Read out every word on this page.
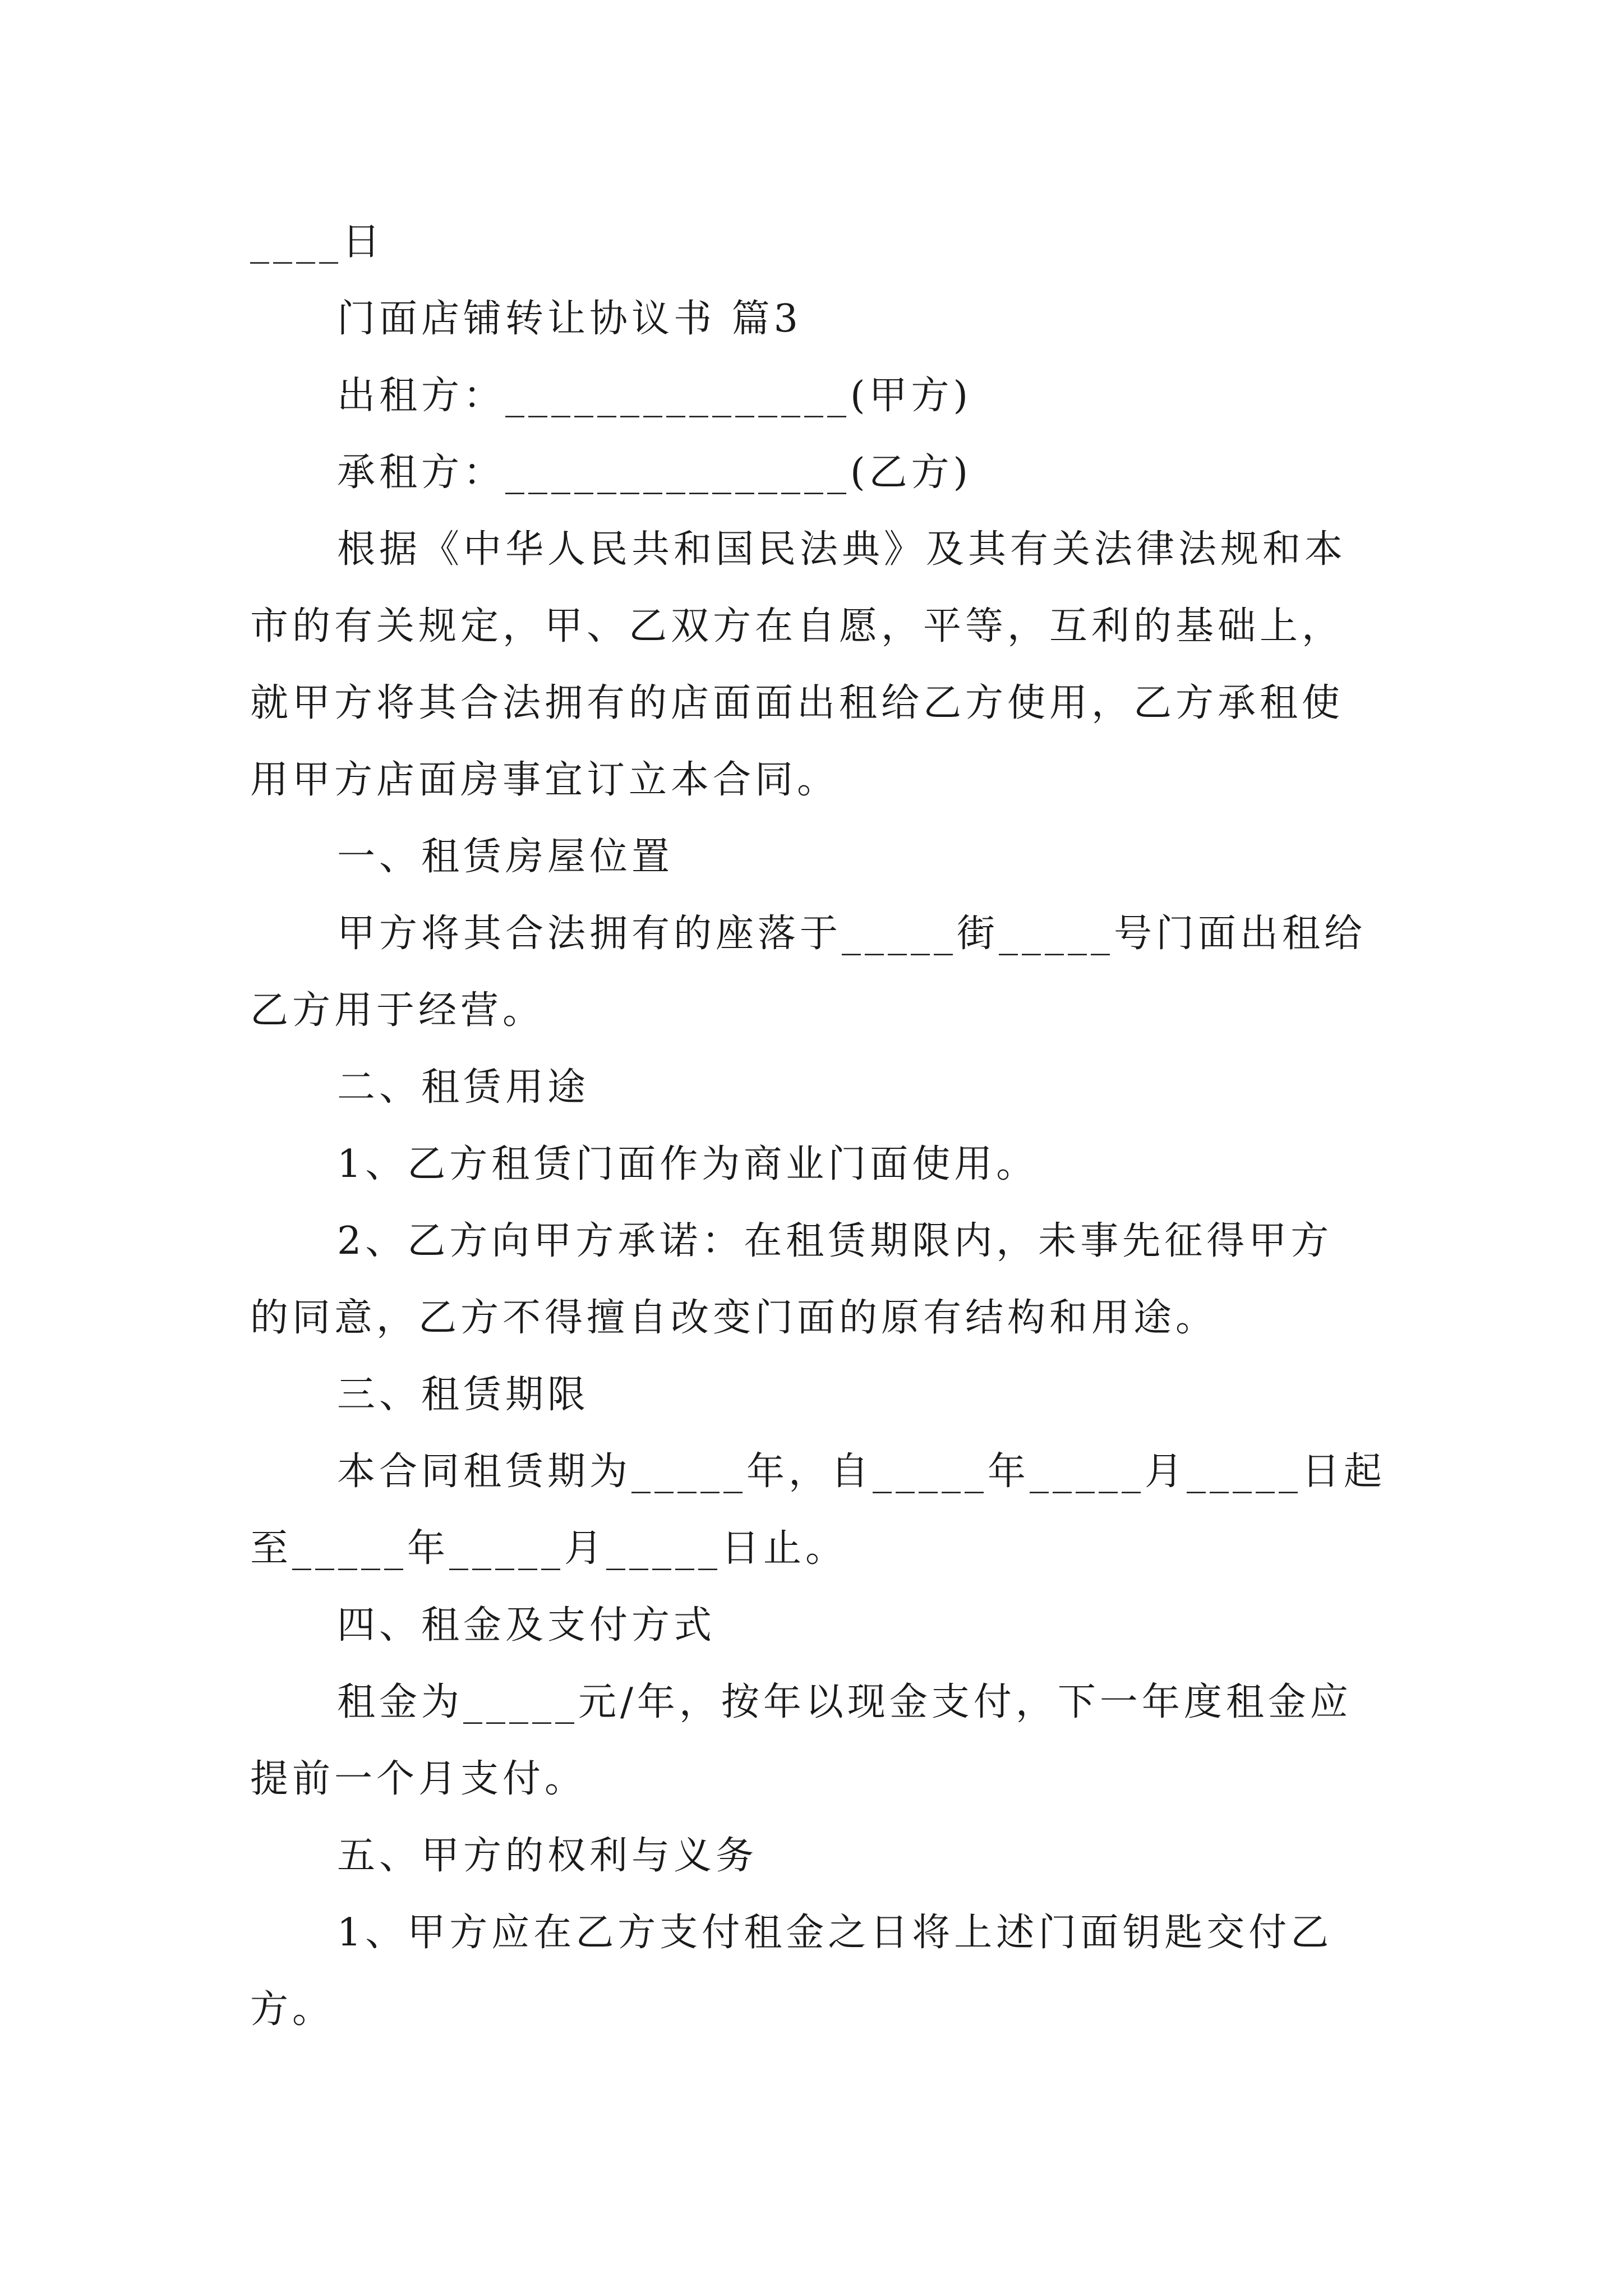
____日
门面店铺转让协议书 篇3
出租方：_______________(甲方)
承租方：_______________(乙方)
根据《中华人民共和国民法典》及其有关法律法规和本
市的有关规定，甲、乙双方在自愿，平等，互利的基础上，
就甲方将其合法拥有的店面面出租给乙方使用，乙方承租使
用甲方店面房事宜订立本合同。
一、租赁房屋位置
甲方将其合法拥有的座落于_____街_____号门面出租给
乙方用于经营。
二、租赁用途
1、乙方租赁门面作为商业门面使用。
2、乙方向甲方承诺：在租赁期限内，未事先征得甲方
的同意，乙方不得擅自改变门面的原有结构和用途。
三、租赁期限
本合同租赁期为_____年，自_____年_____月_____日起
至_____年_____月_____日止。
四、租金及支付方式
租金为_____元/年，按年以现金支付，下一年度租金应
提前一个月支付。
五、甲方的权利与义务
1、甲方应在乙方支付租金之日将上述门面钥匙交付乙
方。
